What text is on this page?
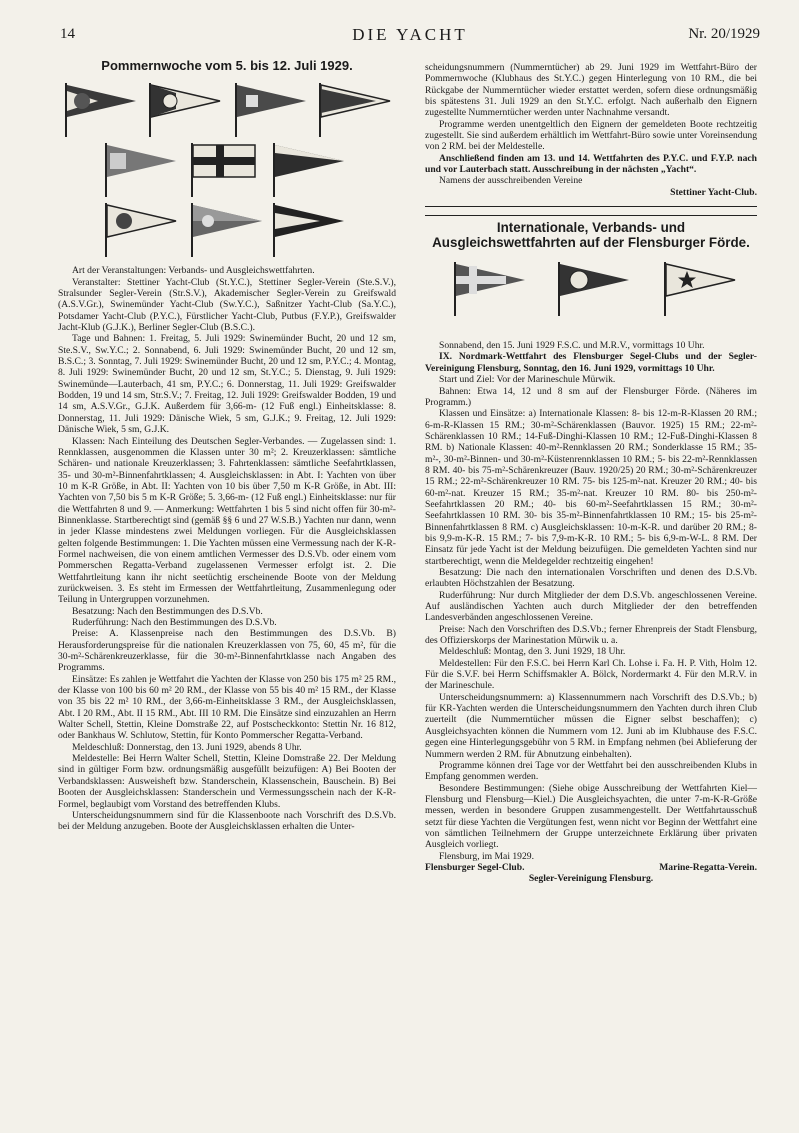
14	DIE YACHT	Nr. 20/1929
Pommernwoche vom 5. bis 12. Juli 1929.

Art der Veranstaltungen: Verbands- und Ausgleichswettfahrten.

Veranstalter: Stettiner Yacht-Club (St.Y.C.), Stettiner Segler-Verein (Ste.S.V.), Stralsunder Segler-Verein (Str.S.V.), Akademischer Segler-Verein zu Greifswald (A.S.V.Gr.), Swinemünder Yacht-Club (Sw.Y.C.), Saßnitzer Yacht-Club (Sa.Y.C.), Potsdamer Yacht-Club (P.Y.C.), Fürstlicher Yacht-Club, Putbus (F.Y.P.), Greifswalder Jacht-Klub (G.J.K.), Berliner Segler-Club (B.S.C.).

Tage und Bahnen: 1. Freitag, 5. Juli 1929: Swinemünder Bucht, 20 und 12 sm, Ste.S.V., Sw.Y.C.; 2. Sonnabend, 6. Juli 1929: Swinemünder Bucht, 20 und 12 sm, B.S.C.; 3. Sonntag, 7. Juli 1929: Swinemünder Bucht, 20 und 12 sm, P.Y.C.; 4. Montag, 8. Juli 1929: Swinemünder Bucht, 20 und 12 sm, St.Y.C.; 5. Dienstag, 9. Juli 1929: Swinemünde—Lauterbach, 41 sm, P.Y.C.; 6. Donnerstag, 11. Juli 1929: Greifswalder Bodden, 19 und 14 sm, Str.S.V.; 7. Freitag, 12. Juli 1929: Greifswalder Bodden, 19 und 14 sm, A.S.V.Gr., G.J.K. Außerdem für 3,66-m- (12 Fuß engl.) Einheitsklasse: 8. Donnerstag, 11. Juli 1929: Dänische Wiek, 5 sm, G.J.K.; 9. Freitag, 12. Juli 1929: Dänische Wiek, 5 sm, G.J.K.

Klassen: Nach Einteilung des Deutschen Segler-Verbandes. — Zugelassen sind: 1. Rennklassen, ausgenommen die Klassen unter 30 m²; 2. Kreuzerklassen: sämtliche Schären- und nationale Kreuzerklassen; 3. Fahrtenklassen: sämtliche Seefahrtklassen, 35- und 30-m²-Binnenfahrtklassen; 4. Ausgleichsklassen: in Abt. I: Yachten von über 10 m K-R Größe, in Abt. II: Yachten von 10 bis über 7,50 m K-R Größe, in Abt. III: Yachten von 7,50 bis 5 m K-R Größe; 5. 3,66-m- (12 Fuß engl.) Einheitsklasse: nur für die Wettfahrten 8 und 9. — Anmerkung: Wettfahrten 1 bis 5 sind nicht offen für 30-m²-Binnenklasse. Startberechtigt sind (gemäß §§ 6 und 27 W.S.B.) Yachten nur dann, wenn in jeder Klasse mindestens zwei Meldungen vorliegen. Für die Ausgleichsklassen gelten folgende Bestimmungen: 1. Die Yachten müssen eine Vermessung nach der K-R-Formel nachweisen, die von einem amtlichen Vermesser des D.S.Vb. oder einem vom Pommerschen Regatta-Verband zugelassenen Vermesser erfolgt ist. 2. Die Wettfahrtleitung kann ihr nicht seetüchtig erscheinende Boote von der Meldung zurückweisen. 3. Es steht im Ermessen der Wettfahrtleitung, Zusammenlegung oder Teilung in Untergruppen vorzunehmen.

Besatzung: Nach den Bestimmungen des D.S.Vb.

Ruderführung: Nach den Bestimmungen des D.S.Vb.

Preise: A. Klassenpreise nach den Bestimmungen des D.S.Vb. B) Herausforderungspreise für die nationalen Kreuzerklassen von 75, 60, 45 m², für die 30-m²-Schärenkreuzerklasse, für die 30-m²-Binnenfahrtklasse nach Angaben des Programms.

Einsätze: Es zahlen je Wettfahrt die Yachten der Klasse von 250 bis 175 m² 25 RM., der Klasse von 100 bis 60 m² 20 RM., der Klasse von 55 bis 40 m² 15 RM., der Klasse von 35 bis 22 m² 10 RM., der 3,66-m-Einheitsklasse 3 RM., der Ausgleichsklassen, Abt. I 20 RM., Abt. II 15 RM., Abt. III 10 RM. Die Einsätze sind einzuzahlen an Herrn Walter Schell, Stettin, Kleine Domstraße 22, auf Postscheckkonto: Stettin Nr. 16 812, oder Bankhaus W. Schlutow, Stettin, für Konto Pommerscher Regatta-Verband.

Meldeschluß: Donnerstag, den 13. Juni 1929, abends 8 Uhr.

Meldestelle: Bei Herrn Walter Schell, Stettin, Kleine Domstraße 22. Der Meldung sind in gültiger Form bzw. ordnungsmäßig ausgefüllt beizufügen: A) Bei Booten der Verbandsklassen: Ausweisheft bzw. Standerschein, Klassenschein, Bauschein. B) Bei Booten der Ausgleichsklassen: Standerschein und Vermessungsschein nach der K-R-Formel, beglaubigt vom Vorstand des betreffenden Klubs.

Unterscheidungsnummern sind für die Klassenboote nach Vorschrift des D.S.Vb. bei der Meldung anzugeben. Boote der Ausgleichsklassen erhalten die Unter-

scheidungsnummern (Nummerntücher) ab 29. Juni 1929 im Wettfahrt-Büro der Pommernwoche (Klubhaus des St.Y.C.) gegen Hinterlegung von 10 RM., die bei Rückgabe der Nummerntücher wieder erstattet werden, sofern diese ordnungsmäßig bis spätestens 31. Juli 1929 an den St.Y.C. erfolgt. Nach außerhalb den Eignern zugestellte Nummerntücher werden unter Nachnahme versandt.

Programme werden unentgeltlich den Eignern der gemeldeten Boote rechtzeitig zugestellt. Sie sind außerdem erhältlich im Wettfahrt-Büro sowie unter Voreinsendung von 2 RM. bei der Meldestelle.

Anschließend finden am 13. und 14. Wettfahrten des P.Y.C. und F.Y.P. nach und vor Lauterbach statt. Ausschreibung in der nächsten „Yacht“.

Namens der ausschreibenden Vereine

Stettiner Yacht-Club.

Internationale, Verbands- und Ausgleichswettfahrten auf der Flensburger Förde.

Sonnabend, den 15. Juni 1929 F.S.C. und M.R.V., vormittags 10 Uhr.

IX. Nordmark-Wettfahrt des Flensburger Segel-Clubs und der Segler-Vereinigung Flensburg, Sonntag, den 16. Juni 1929, vormittags 10 Uhr.

Start und Ziel: Vor der Marineschule Mürwik.

Bahnen: Etwa 14, 12 und 8 sm auf der Flensburger Förde. (Näheres im Programm.)

Klassen und Einsätze: a) Internationale Klassen: 8- bis 12-m-R-Klassen 20 RM.; 6-m-R-Klassen 15 RM.; 30-m²-Schärenklassen (Bauvor. 1925) 15 RM.; 22-m²-Schärenklassen 10 RM.; 14-Fuß-Dinghi-Klassen 10 RM.; 12-Fuß-Dinghi-Klassen 8 RM. b) Nationale Klassen: 40-m²-Rennklassen 20 RM.; Sonderklasse 15 RM.; 35-m²-, 30-m²-Binnen- und 30-m²-Küstenrennklassen 10 RM.; 5- bis 22-m²-Rennklassen 8 RM. 40- bis 75-m²-Schärenkreuzer (Bauv. 1920/25) 20 RM.; 30-m²-Schärenkreuzer 15 RM.; 22-m²-Schärenkreuzer 10 RM. 75- bis 125-m²-nat. Kreuzer 20 RM.; 40- bis 60-m²-nat. Kreuzer 15 RM.; 35-m²-nat. Kreuzer 10 RM. 80- bis 250-m²-Seefahrtklassen 20 RM.; 40- bis 60-m²-Seefahrtklassen 15 RM.; 30-m²-Seefahrtklassen 10 RM. 30- bis 35-m²-Binnenfahrtklassen 10 RM.; 15- bis 25-m²-Binnenfahrtklassen 8 RM. c) Ausgleichsklassen: 10-m-K-R. und darüber 20 RM.; 8- bis 9,9-m-K-R. 15 RM.; 7- bis 7,9-m-K-R. 10 RM.; 5- bis 6,9-m-W-L. 8 RM. Der Einsatz für jede Yacht ist der Meldung beizufügen. Die gemeldeten Yachten sind nur startberechtigt, wenn die Meldegelder rechtzeitig eingehen!

Besatzung: Die nach den internationalen Vorschriften und denen des D.S.Vb. erlaubten Höchstzahlen der Besatzung.

Ruderführung: Nur durch Mitglieder der dem D.S.Vb. angeschlossenen Vereine. Auf ausländischen Yachten auch durch Mitglieder der den betreffenden Landesverbänden angeschlossenen Vereine.

Preise: Nach den Vorschriften des D.S.Vb.; ferner Ehrenpreis der Stadt Flensburg, des Offizierskorps der Marinestation Mürwik u. a.

Meldeschluß: Montag, den 3. Juni 1929, 18 Uhr.

Meldestellen: Für den F.S.C. bei Herrn Karl Ch. Lohse i. Fa. H. P. Vith, Holm 12. Für die S.V.F. bei Herrn Schiffsmakler A. Bölck, Nordermarkt 4. Für den M.R.V. in der Marineschule.

Unterscheidungsnummern: a) Klassennummern nach Vorschrift des D.S.Vb.; b) für KR-Yachten werden die Unterscheidungsnummern den Yachten durch ihren Club zuerteilt (die Nummerntücher müssen die Eigner selbst beschaffen); c) Ausgleichsyachten können die Nummern vom 12. Juni ab im Klubhause des F.S.C. gegen eine Hinterlegungsgebühr von 5 RM. in Empfang nehmen (bei Ablieferung der Nummern werden 2 RM. für Abnutzung einbehalten).

Programme können drei Tage vor der Wettfahrt bei den ausschreibenden Klubs in Empfang genommen werden.

Besondere Bestimmungen: (Siehe obige Ausschreibung der Wettfahrten Kiel—Flensburg und Flensburg—Kiel.) Die Ausgleichsyachten, die unter 7-m-K-R-Größe messen, werden in besondere Gruppen zusammengestellt. Der Wettfahrtausschuß setzt für diese Yachten die Vergütungen fest, wenn nicht vor Beginn der Wettfahrt eine von sämtlichen Teilnehmern der Gruppe unterzeichnete Erklärung über privaten Ausgleich vorliegt.

Flensburg, im Mai 1929.

Flensburger Segel-Club.	Marine-Regatta-Verein.

Segler-Vereinigung Flensburg.
